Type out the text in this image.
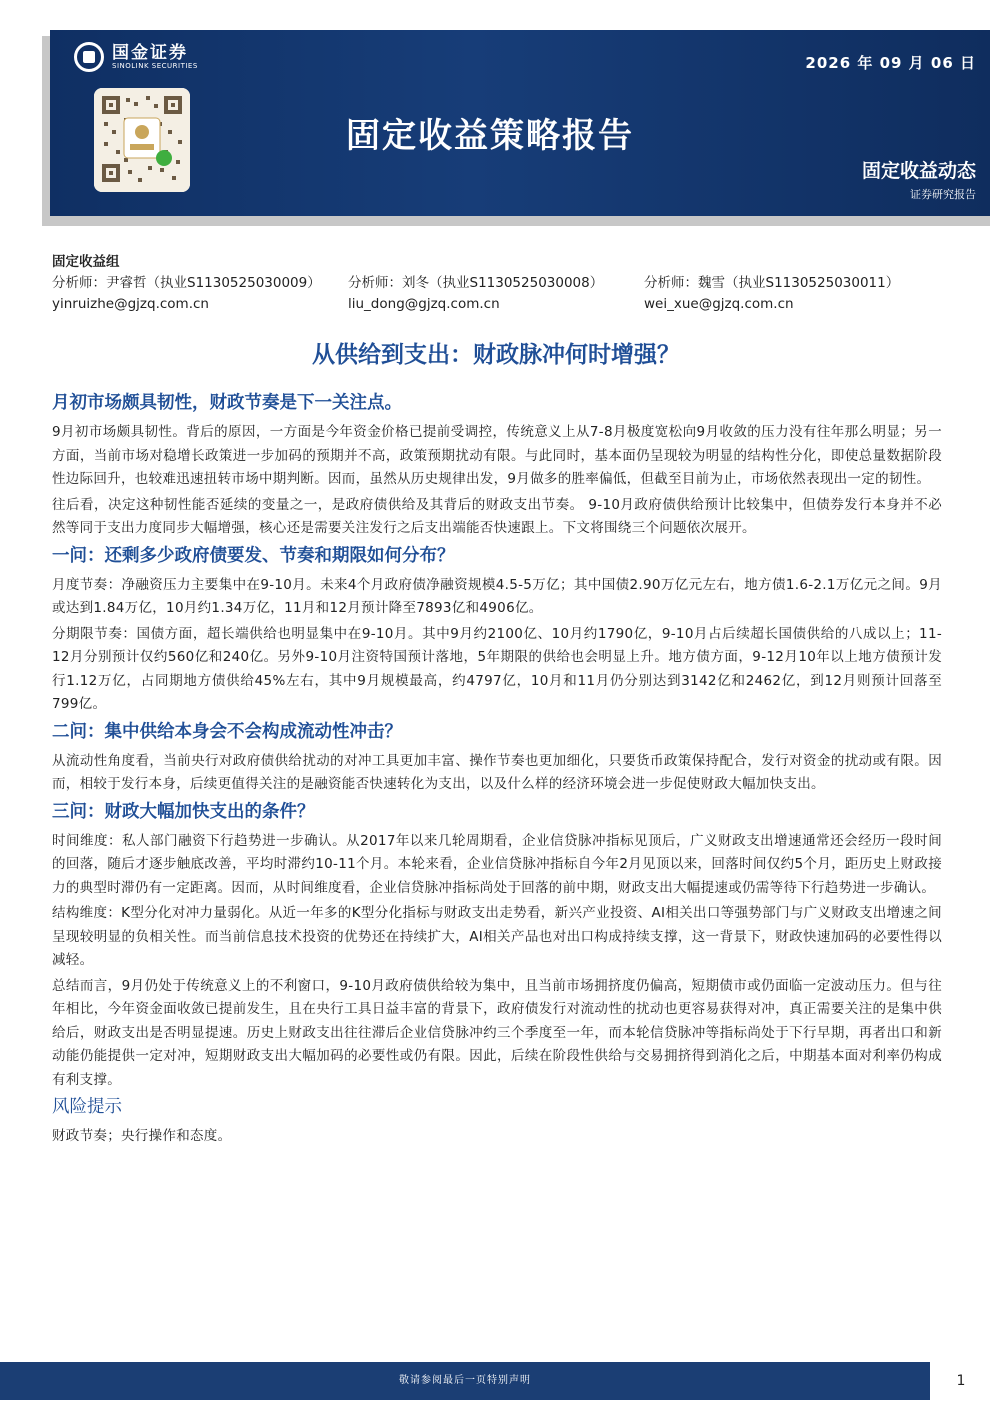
国金证券
SINOLINK SECURITIES	2026 年 09 月 06 日
固定收益策略报告
固定收益动态
证券研究报告
固定收益组
分析师：尹睿哲（执业S1130525030009）	分析师：刘冬（执业S1130525030008）	分析师：魏雪（执业S1130525030011）
yinruizhe@gjzq.com.cn	liu_dong@gjzq.com.cn	wei_xue@gjzq.com.cn
从供给到支出：财政脉冲何时增强？
月初市场颇具韧性，财政节奏是下一关注点。

9月初市场颇具韧性。背后的原因，一方面是今年资金价格已提前受调控，传统意义上从7-8月极度宽松向9月收敛的压力没有往年那么明显；另一方面，当前市场对稳增长政策进一步加码的预期并不高，政策预期扰动有限。与此同时，基本面仍呈现较为明显的结构性分化，即使总量数据阶段性边际回升，也较难迅速扭转市场中期判断。因而，虽然从历史规律出发，9月做多的胜率偏低，但截至目前为止，市场依然表现出一定的韧性。

往后看，决定这种韧性能否延续的变量之一，是政府债供给及其背后的财政支出节奏。 9-10月政府债供给预计比较集中，但债券发行本身并不必然等同于支出力度同步大幅增强，核心还是需要关注发行之后支出端能否快速跟上。下文将围绕三个问题依次展开。

一问：还剩多少政府债要发、节奏和期限如何分布？

月度节奏：净融资压力主要集中在9-10月。未来4个月政府债净融资规模4.5-5万亿；其中国债2.90万亿元左右，地方债1.6-2.1万亿元之间。9月或达到1.84万亿，10月约1.34万亿，11月和12月预计降至7893亿和4906亿。

分期限节奏：国债方面，超长端供给也明显集中在9-10月。其中9月约2100亿、10月约1790亿，9-10月占后续超长国债供给的八成以上；11-12月分别预计仅约560亿和240亿。另外9-10月注资特国预计落地，5年期限的供给也会明显上升。地方债方面，9-12月10年以上地方债预计发行1.12万亿，占同期地方债供给45%左右，其中9月规模最高，约4797亿，10月和11月仍分别达到3142亿和2462亿，到12月则预计回落至799亿。

二问：集中供给本身会不会构成流动性冲击？

从流动性角度看，当前央行对政府债供给扰动的对冲工具更加丰富、操作节奏也更加细化，只要货币政策保持配合，发行对资金的扰动或有限。因而，相较于发行本身，后续更值得关注的是融资能否快速转化为支出，以及什么样的经济环境会进一步促使财政大幅加快支出。

三问：财政大幅加快支出的条件？

时间维度：私人部门融资下行趋势进一步确认。从2017年以来几轮周期看，企业信贷脉冲指标见顶后，广义财政支出增速通常还会经历一段时间的回落，随后才逐步触底改善，平均时滞约10-11个月。本轮来看，企业信贷脉冲指标自今年2月见顶以来，回落时间仅约5个月，距历史上财政接力的典型时滞仍有一定距离。因而，从时间维度看，企业信贷脉冲指标尚处于回落的前中期，财政支出大幅提速或仍需等待下行趋势进一步确认。

结构维度：K型分化对冲力量弱化。从近一年多的K型分化指标与财政支出走势看，新兴产业投资、AI相关出口等强势部门与广义财政支出增速之间呈现较明显的负相关性。而当前信息技术投资的优势还在持续扩大，AI相关产品也对出口构成持续支撑，这一背景下，财政快速加码的必要性得以减轻。

总结而言，9月仍处于传统意义上的不利窗口，9-10月政府债供给较为集中，且当前市场拥挤度仍偏高，短期债市或仍面临一定波动压力。但与往年相比，今年资金面收敛已提前发生，且在央行工具日益丰富的背景下，政府债发行对流动性的扰动也更容易获得对冲，真正需要关注的是集中供给后，财政支出是否明显提速。历史上财政支出往往滞后企业信贷脉冲约三个季度至一年，而本轮信贷脉冲等指标尚处于下行早期，再者出口和新动能仍能提供一定对冲，短期财政支出大幅加码的必要性或仍有限。因此，后续在阶段性供给与交易拥挤得到消化之后，中期基本面对利率仍构成有利支撑。

风险提示

财政节奏；央行操作和态度。

敬请参阅最后一页特别声明	1
